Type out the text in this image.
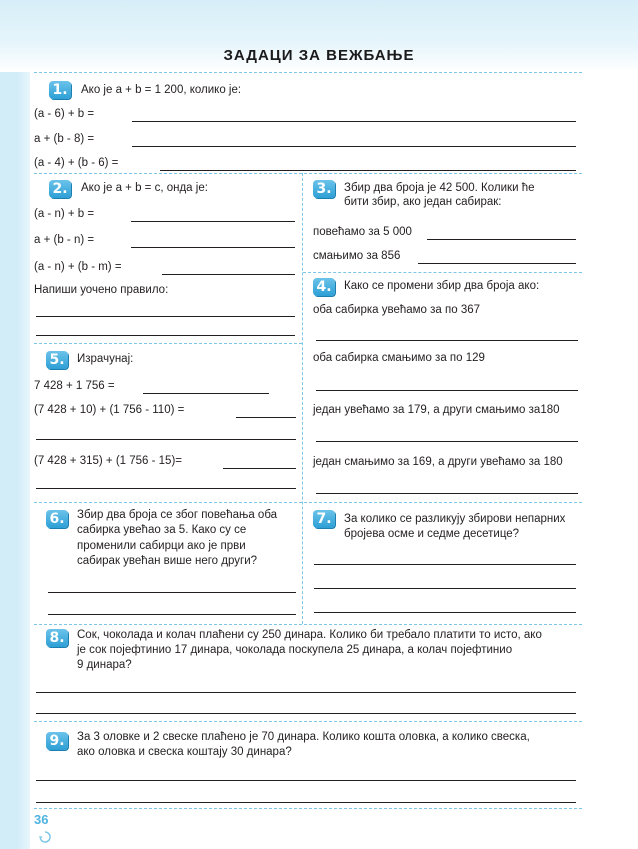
ЗАДАЦИ ЗА ВЕЖБАЊЕ
1.	Ако је a + b = 1 200, колико је:
(a - 6) + b =
a + (b - 8) =
(a - 4) + (b - 6) =
2.	Ако је a + b = c, онда је:
(a - n) + b =
a + (b - n) =
(a - n) + (b - m) =
Напиши уочено правило:
3.	Збир два броја је 42 500. Колики ће
бити збир, ако један сабирак:
повећамо за 5 000
смањимо за 856
4.	Како се промени збир два броја ако:
оба сабирка увећамо за по 367
оба сабирка смањимо за по 129
један увећамо за 179, а други смањимо за180
један смањимо за 169, а други увећамо за 180
5.	Израчунај:
7 428 + 1 756 =
(7 428 + 10) + (1 756 - 110) =
(7 428 + 315) + (1 756 - 15)=
6.	Збир два броја се због повећања оба
сабирка увећао за 5. Како су се
променили сабирци ако је први
сабирак увећан више него други?
7.	За колико се разликују збирови непарних
бројева осме и седме десетице?
8.	Сок, чоколада и колач плаћени су 250 динара. Колико би требало платити то исто, ако
је сок појефтинио 17 динара, чоколада поскупела 25 динара, а колач појефтинио
9 динара?
9.	За 3 оловке и 2 свеске плаћено је 70 динара. Колико кошта оловка, а колико свеска,
ако оловка и свеска коштају 30 динара?
36
